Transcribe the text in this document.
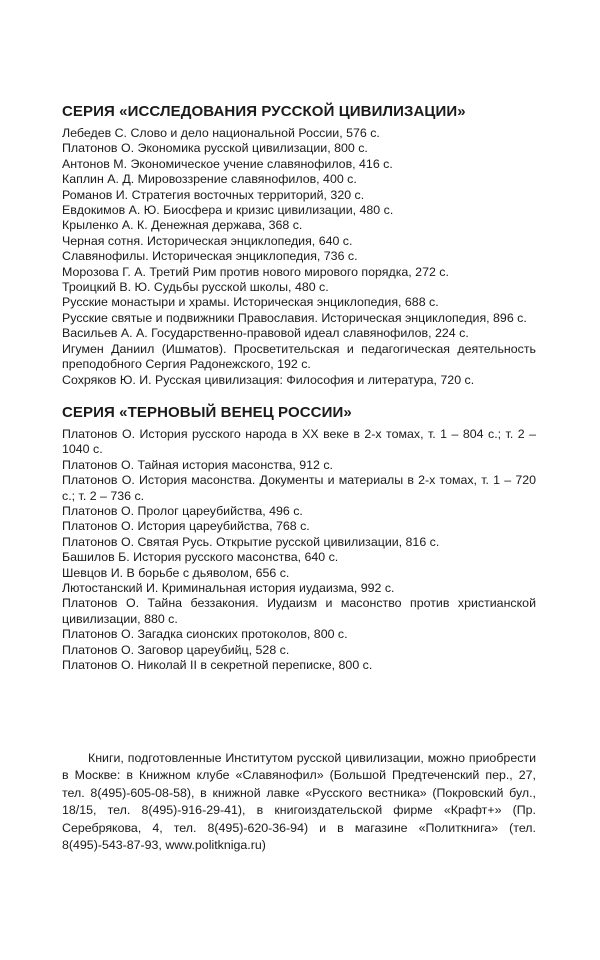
СЕРИЯ «ИССЛЕДОВАНИЯ РУССКОЙ ЦИВИЛИЗАЦИИ»
Лебедев С. Слово и дело национальной России, 576 с.
Платонов О. Экономика русской цивилизации, 800 с.
Антонов М. Экономическое учение славянофилов, 416 с.
Каплин А. Д. Мировоззрение славянофилов, 400 с.
Романов И. Стратегия восточных территорий, 320 с.
Евдокимов А. Ю. Биосфера и кризис цивилизации, 480 с.
Крыленко А. К. Денежная держава, 368 с.
Черная сотня. Историческая энциклопедия, 640 с.
Славянофилы. Историческая энциклопедия, 736 с.
Морозова Г. А. Третий Рим против нового мирового порядка, 272 с.
Троицкий В. Ю. Судьбы русской школы, 480 с.
Русские монастыри и храмы. Историческая энциклопедия, 688 с.
Русские святые и подвижники Православия. Историческая энциклопедия, 896 с.
Васильев А. А. Государственно-правовой идеал славянофилов, 224 с.
Игумен Даниил (Ишматов). Просветительская и педагогическая деятельность преподобного Сергия Радонежского, 192 с.
Сохряков Ю. И. Русская цивилизация: Философия и литература, 720 с.
СЕРИЯ «ТЕРНОВЫЙ ВЕНЕЦ РОССИИ»
Платонов О. История русского народа в XX веке в 2-х томах, т. 1 – 804 с.; т. 2 – 1040 с.
Платонов О. Тайная история масонства, 912 с.
Платонов О. История масонства. Документы и материалы в 2-х томах, т. 1 – 720 с.; т. 2 – 736 с.
Платонов О. Пролог цареубийства, 496 с.
Платонов О. История цареубийства, 768 с.
Платонов О. Святая Русь. Открытие русской цивилизации, 816 с.
Башилов Б. История русского масонства, 640 с.
Шевцов И. В борьбе с дьяволом, 656 с.
Лютостанский И. Криминальная история иудаизма, 992 с.
Платонов О. Тайна беззакония. Иудаизм и масонство против христианской цивилизации, 880 с.
Платонов О. Загадка сионских протоколов, 800 с.
Платонов О. Заговор цареубийц, 528 с.
Платонов О. Николай II в секретной переписке, 800 с.

Книги, подготовленные Институтом русской цивилизации, можно приобрести в Москве: в Книжном клубе «Славянофил» (Большой Предтеченский пер., 27, тел. 8(495)-605-08-58), в книжной лавке «Русского вестника» (Покровский бул., 18/15, тел. 8(495)-916-29-41), в книгоиздательской фирме «Крафт+» (Пр. Серебрякова, 4, тел. 8(495)-620-36-94) и в магазине «Политкнига» (тел. 8(495)-543-87-93, www.politkniga.ru)
